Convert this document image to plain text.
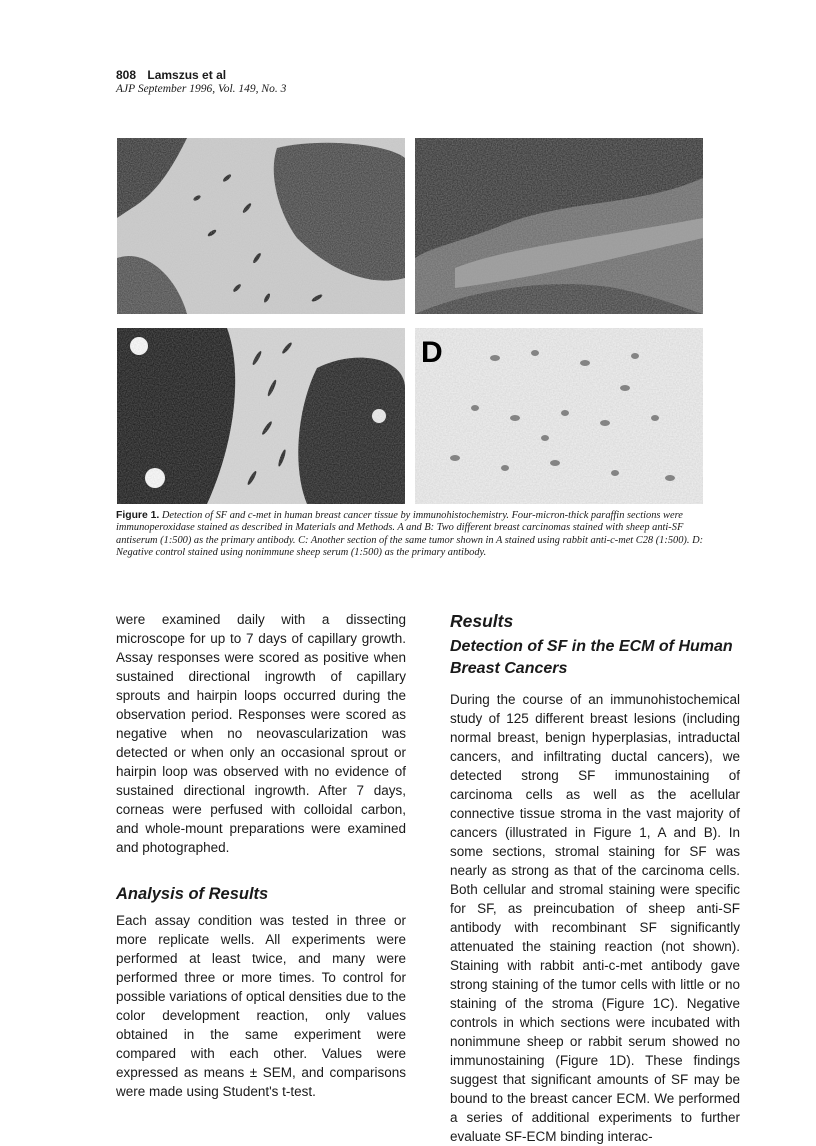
808 Lamszus et al
AJP September 1996, Vol. 149, No. 3
D
Figure 1. Detection of SF and c-met in human breast cancer tissue by immunohistochemistry. Four-micron-thick paraffin sections were immunoperoxidase stained as described in Materials and Methods. A and B: Two different breast carcinomas stained with sheep anti-SF antiserum (1:500) as the primary antibody. C: Another section of the same tumor shown in A stained using rabbit anti-c-met C28 (1:500). D: Negative control stained using nonimmune sheep serum (1:500) as the primary antibody.

were examined daily with a dissecting microscope for up to 7 days of capillary growth. Assay responses were scored as positive when sustained directional ingrowth of capillary sprouts and hairpin loops occurred during the observation period. Responses were scored as negative when no neovascularization was detected or when only an occasional sprout or hairpin loop was observed with no evidence of sustained directional ingrowth. After 7 days, corneas were perfused with colloidal carbon, and whole-mount preparations were examined and photographed.

Analysis of Results

Each assay condition was tested in three or more replicate wells. All experiments were performed at least twice, and many were performed three or more times. To control for possible variations of optical densities due to the color development reaction, only values obtained in the same experiment were compared with each other. Values were expressed as means ± SEM, and comparisons were made using Student's t-test.

Results
Detection of SF in the ECM of Human Breast Cancers

During the course of an immunohistochemical study of 125 different breast lesions (including normal breast, benign hyperplasias, intraductal cancers, and infiltrating ductal cancers), we detected strong SF immunostaining of carcinoma cells as well as the acellular connective tissue stroma in the vast majority of cancers (illustrated in Figure 1, A and B). In some sections, stromal staining for SF was nearly as strong as that of the carcinoma cells. Both cellular and stromal staining were specific for SF, as preincubation of sheep anti-SF antibody with recombinant SF significantly attenuated the staining reaction (not shown). Staining with rabbit anti-c-met antibody gave strong staining of the tumor cells with little or no staining of the stroma (Figure 1C). Negative controls in which sections were incubated with nonimmune sheep or rabbit serum showed no immunostaining (Figure 1D). These findings suggest that significant amounts of SF may be bound to the breast cancer ECM. We performed a series of additional experiments to further evaluate SF-ECM binding interac-
